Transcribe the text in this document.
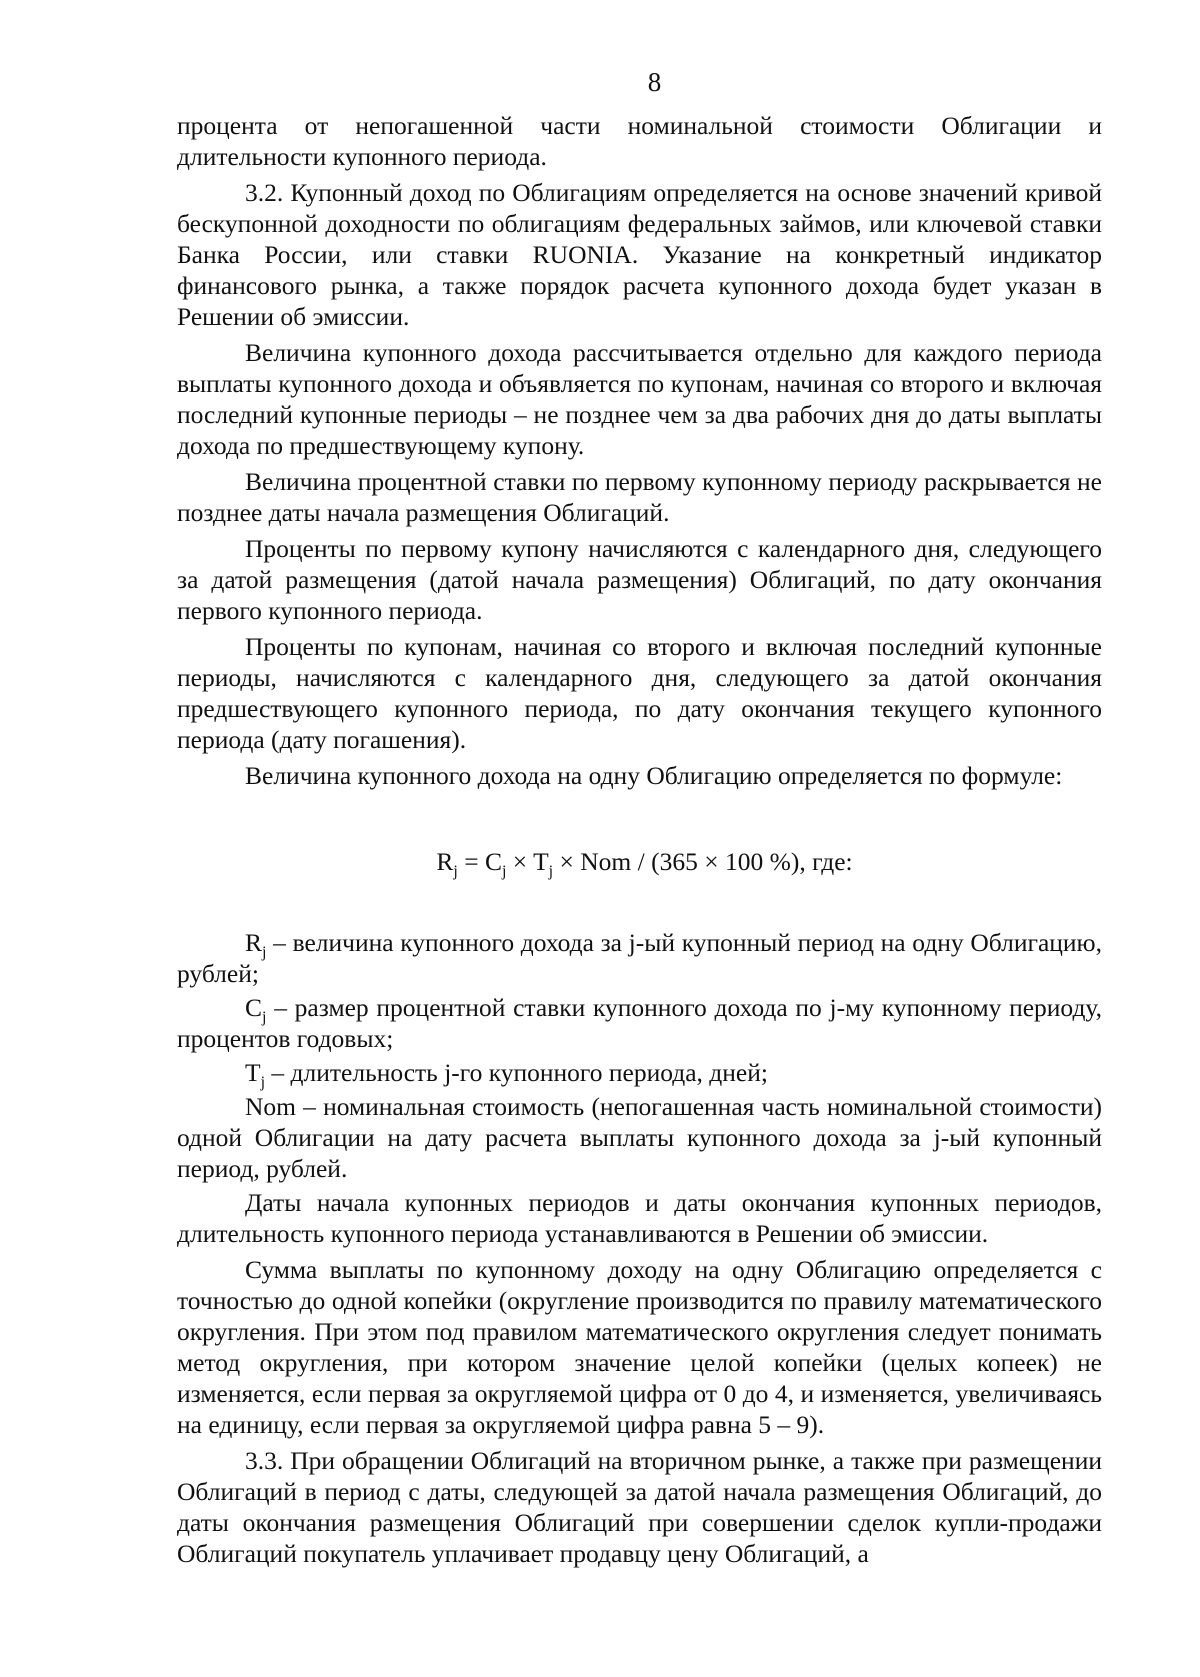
8

процента от непогашенной части номинальной стоимости Облигации и длительности купонного периода.

3.2. Купонный доход по Облигациям определяется на основе значений кривой бескупонной доходности по облигациям федеральных займов, или ключевой ставки Банка России, или ставки RUONIA. Указание на конкретный индикатор финансового рынка, а также порядок расчета купонного дохода будет указан в Решении об эмиссии.

Величина купонного дохода рассчитывается отдельно для каждого периода выплаты купонного дохода и объявляется по купонам, начиная со второго и включая последний купонные периоды – не позднее чем за два рабочих дня до даты выплаты дохода по предшествующему купону.

Величина процентной ставки по первому купонному периоду раскрывается не позднее даты начала размещения Облигаций.

Проценты по первому купону начисляются с календарного дня, следующего за датой размещения (датой начала размещения) Облигаций, по дату окончания первого купонного периода.

Проценты по купонам, начиная со второго и включая последний купонные периоды, начисляются с календарного дня, следующего за датой окончания предшествующего купонного периода, по дату окончания текущего купонного периода (дату погашения).

Величина купонного дохода на одну Облигацию определяется по формуле:

$R_j = C_j \times T_j$ × Nom / (365 × 100 %), где:

$R_j$ – величина купонного дохода за j-ый купонный период на одну Облигацию, рублей;

$C_j$ – размер процентной ставки купонного дохода по j-му купонному периоду, процентов годовых;

$T_j$ – длительность j-го купонного периода, дней;

Nom – номинальная стоимость (непогашенная часть номинальной стоимости) одной Облигации на дату расчета выплаты купонного дохода за j-ый купонный период, рублей.

Даты начала купонных периодов и даты окончания купонных периодов, длительность купонного периода устанавливаются в Решении об эмиссии.

Сумма выплаты по купонному доходу на одну Облигацию определяется с точностью до одной копейки (округление производится по правилу математического округления. При этом под правилом математического округления следует понимать метод округления, при котором значение целой копейки (целых копеек) не изменяется, если первая за округляемой цифра от 0 до 4, и изменяется, увеличиваясь на единицу, если первая за округляемой цифра равна 5 – 9).

3.3. При обращении Облигаций на вторичном рынке, а также при размещении Облигаций в период с даты, следующей за датой начала размещения Облигаций, до даты окончания размещения Облигаций при совершении сделок купли-продажи Облигаций покупатель уплачивает продавцу цену Облигаций, а
